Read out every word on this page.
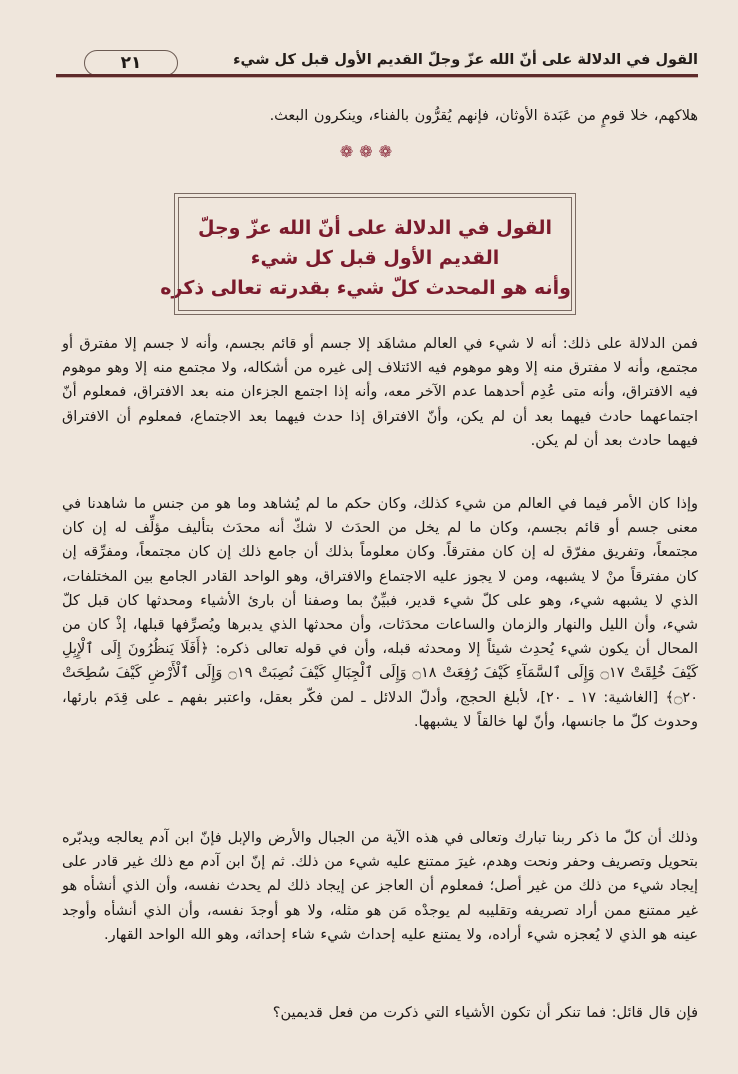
القول في الدلالة على أنّ الله عزّ وجلّ القديم الأول قبل كل شيء
٢١

هلاكهم، خلا قومٍ من عَبَدة الأوثان، فإنهم يُقرُّون بالفناء، وينكرون البعث.

❁❁❁
القول في الدلالة على أنّ الله عزّ وجلّ
القديم الأول قبل كل شيء
وأنه هو المحدث كلّ شيء بقدرته تعالى ذكره

فمن الدلالة على ذلك: أنه لا شيء في العالم مشاهَد إلا جسم أو قائم بجسم، وأنه لا جسم إلا مفترق أو مجتمع، وأنه لا مفترق منه إلا وهو موهوم فيه الائتلاف إلى غيره من أشكاله، ولا مجتمع منه إلا وهو موهوم فيه الافتراق، وأنه متى عُدِم أحدهما عدم الآخر معه، وأنه إذا اجتمع الجزءان منه بعد الافتراق، فمعلوم أنّ اجتماعهما حادث فيهما بعد أن لم يكن، وأنّ الافتراق إذا حدث فيهما بعد الاجتماع، فمعلوم أن الافتراق فيهما حادث بعد أن لم يكن.

وإذا كان الأمر فيما في العالم من شيء كذلك، وكان حكم ما لم يُشاهد وما هو من جنس ما شاهدنا في معنى جسم أو قائم بجسم، وكان ما لم يخل من الحدَث لا شكّ أنه محدَث بتأليف مؤلِّف له إن كان مجتمعاً، وتفريق مفرّق له إن كان مفترقاً. وكان معلوماً بذلك أن جامع ذلك إن كان مجتمعاً، ومفرِّقه إن كان مفترقاً منْ لا يشبهه، ومن لا يجوز عليه الاجتماع والافتراق، وهو الواحد القادر الجامع بين المختلفات، الذي لا يشبهه شيء، وهو على كلّ شيء قدير، فبيِّنٌ بما وصفنا أن بارئ الأشياء ومحدثها كان قبل كلّ شيء، وأن الليل والنهار والزمان والساعات محدَثات، وأن محدثها الذي يدبرها ويُصرِّفها قبلها، إذْ كان من المحال أن يكون شيء يُحدِث شيئاً إلا ومحدثه قبله، وأن في قوله تعالى ذكره: ﴿أَفَلَا يَنظُرُونَ إِلَى ٱلْإِبِلِ كَيْفَ خُلِقَتْ ۝١٧ وَإِلَى ٱلسَّمَآءِ كَيْفَ رُفِعَتْ ۝١٨ وَإِلَى ٱلْجِبَالِ كَيْفَ نُصِبَتْ ۝١٩ وَإِلَى ٱلْأَرْضِ كَيْفَ سُطِحَتْ ۝٢٠﴾ [الغاشية: ١٧ ـ ٢٠]، لأبلغ الحجج، وأدلّ الدلائل ـ لمن فكّر بعقل، واعتبر بفهم ـ على قِدَم بارئها، وحدوث كلّ ما جانسها، وأنّ لها خالقاً لا يشبهها.

وذلك أن كلّ ما ذكر ربنا تبارك وتعالى في هذه الآية من الجبال والأرض والإبل فإنّ ابن آدم يعالجه ويدبّره بتحويل وتصريف وحفر ونحت وهدم، غيرَ ممتنع عليه شيء من ذلك. ثم إنّ ابن آدم مع ذلك غير قادر على إيجاد شيء من ذلك من غير أصل؛ فمعلوم أن العاجز عن إيجاد ذلك لم يحدث نفسه، وأن الذي أنشأه هو غير ممتنع ممن أراد تصريفه وتقليبه لم يوجدْه مَن هو مثله، ولا هو أوجدَ نفسه، وأن الذي أنشأه وأوجد عينه هو الذي لا يُعجزه شيء أراده، ولا يمتنع عليه إحداث شيء شاء إحداثه، وهو الله الواحد القهار.

فإن قال قائل: فما تنكر أن تكون الأشياء التي ذكرت من فعل قديمين؟
